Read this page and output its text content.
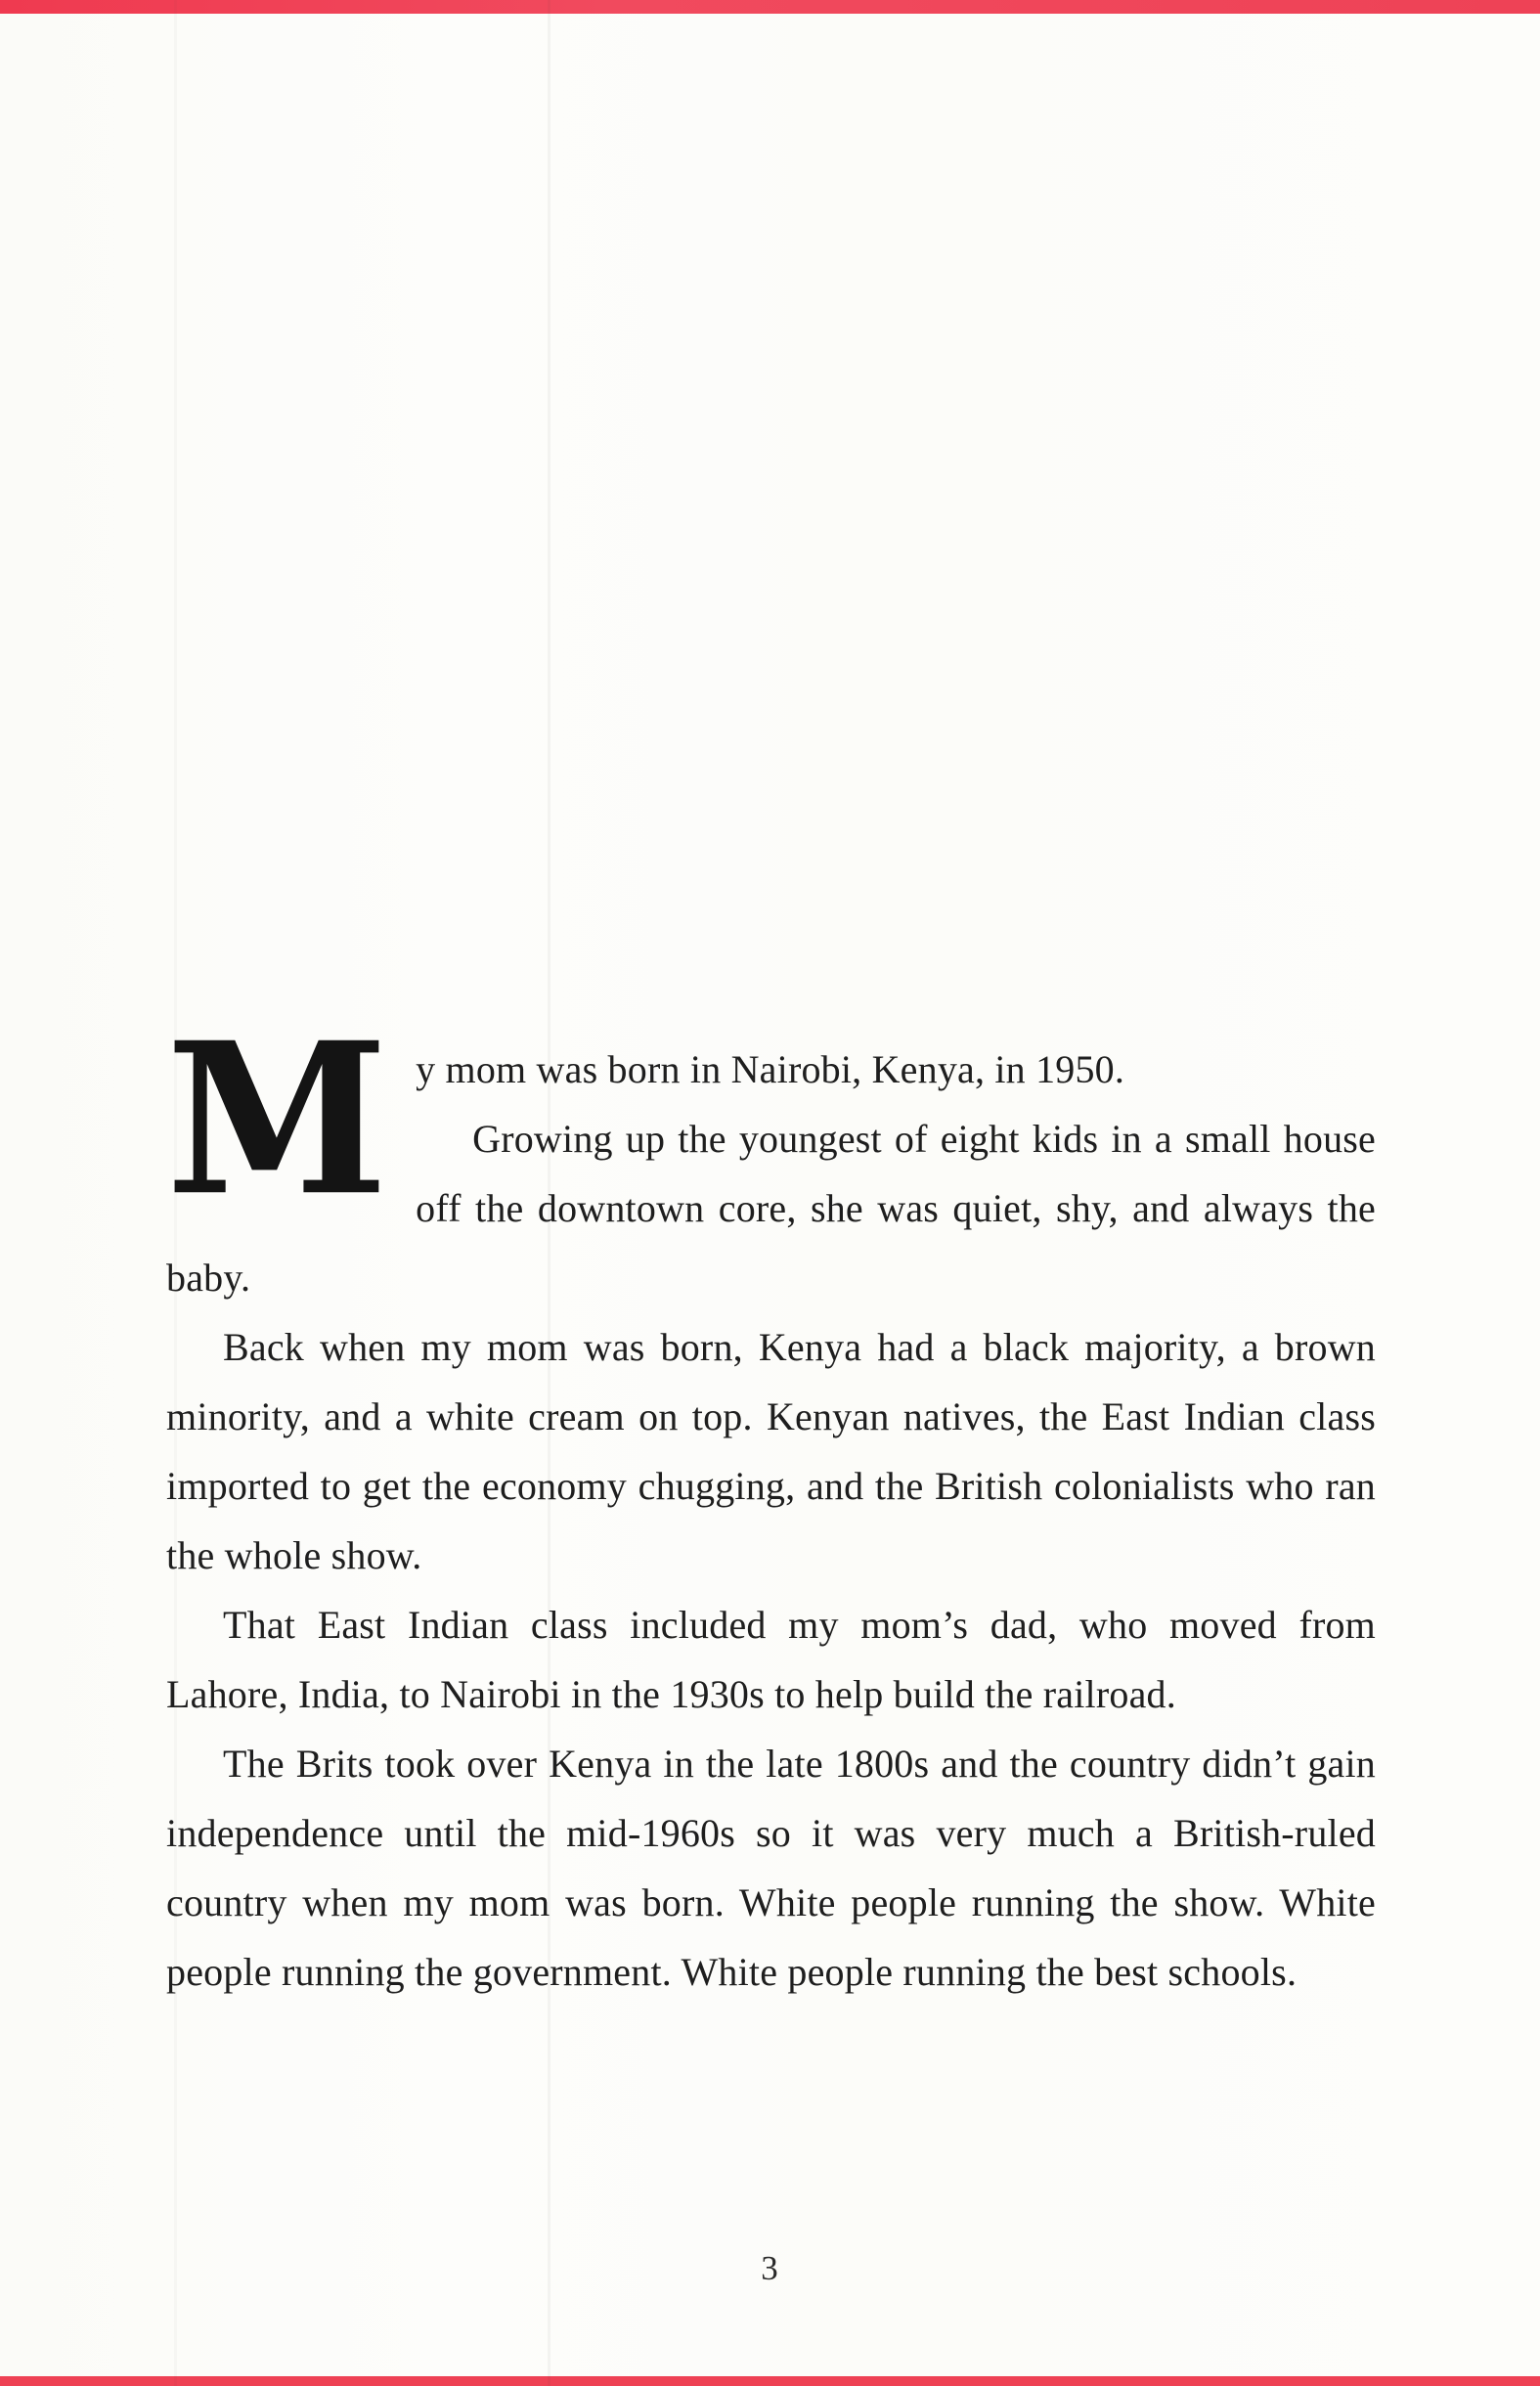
M y mom was born in Nairobi, Kenya, in 1950.

Growing up the youngest of eight kids in a small house off the downtown core, she was quiet, shy, and always the baby.

Back when my mom was born, Kenya had a black majority, a brown minority, and a white cream on top. Kenyan natives, the East Indian class imported to get the economy chugging, and the British colonialists who ran the whole show.

That East Indian class included my mom’s dad, who moved from Lahore, India, to Nairobi in the 1930s to help build the railroad.

The Brits took over Kenya in the late 1800s and the country didn’t gain independence until the mid-1960s so it was very much a British-ruled country when my mom was born. White people running the show. White people running the government. White people running the best schools.

3
